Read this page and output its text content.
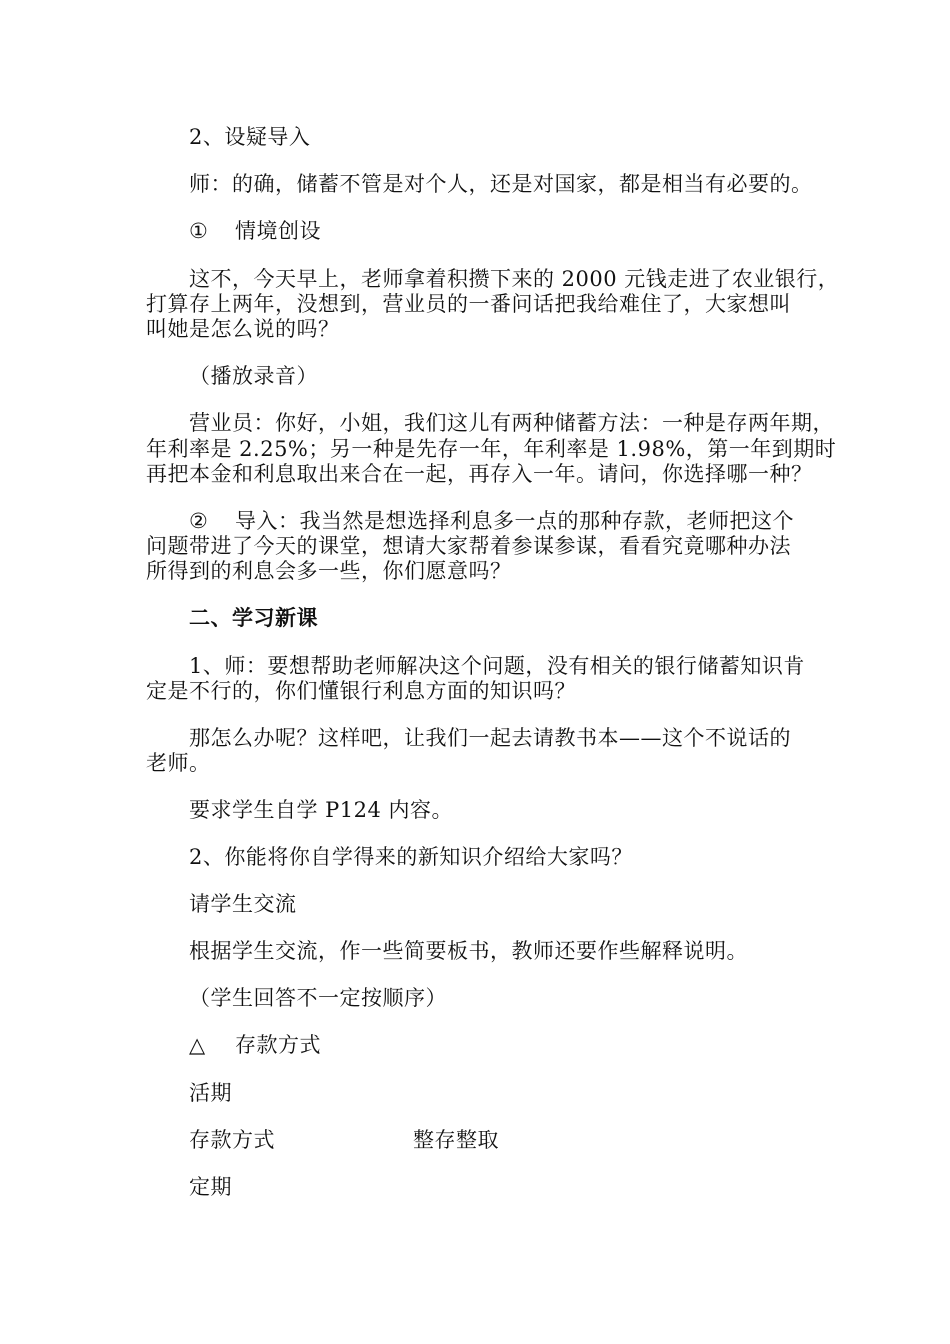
2、设疑导入
师：的确，储蓄不管是对个人，还是对国家，都是相当有必要的。
① 情境创设
这不，今天早上，老师拿着积攒下来的 2000 元钱走进了农业银行，
打算存上两年，没想到，营业员的一番问话把我给难住了，大家想叫
叫她是怎么说的吗？
（播放录音）
营业员：你好，小姐，我们这儿有两种储蓄方法：一种是存两年期，
年利率是 2.25%；另一种是先存一年，年利率是 1.98%，第一年到期时
再把本金和利息取出来合在一起，再存入一年。请问，你选择哪一种？
② 导入：我当然是想选择利息多一点的那种存款，老师把这个
问题带进了今天的课堂，想请大家帮着参谋参谋，看看究竟哪种办法
所得到的利息会多一些，你们愿意吗？
二、学习新课
1、师：要想帮助老师解决这个问题，没有相关的银行储蓄知识肯
定是不行的，你们懂银行利息方面的知识吗？
那怎么办呢？这样吧，让我们一起去请教书本——这个不说话的
老师。
要求学生自学 P124 内容。
2、你能将你自学得来的新知识介绍给大家吗？
请学生交流
根据学生交流，作一些简要板书，教师还要作些解释说明。
（学生回答不一定按顺序）
△ 存款方式
活期
存款方式	整存整取
定期
